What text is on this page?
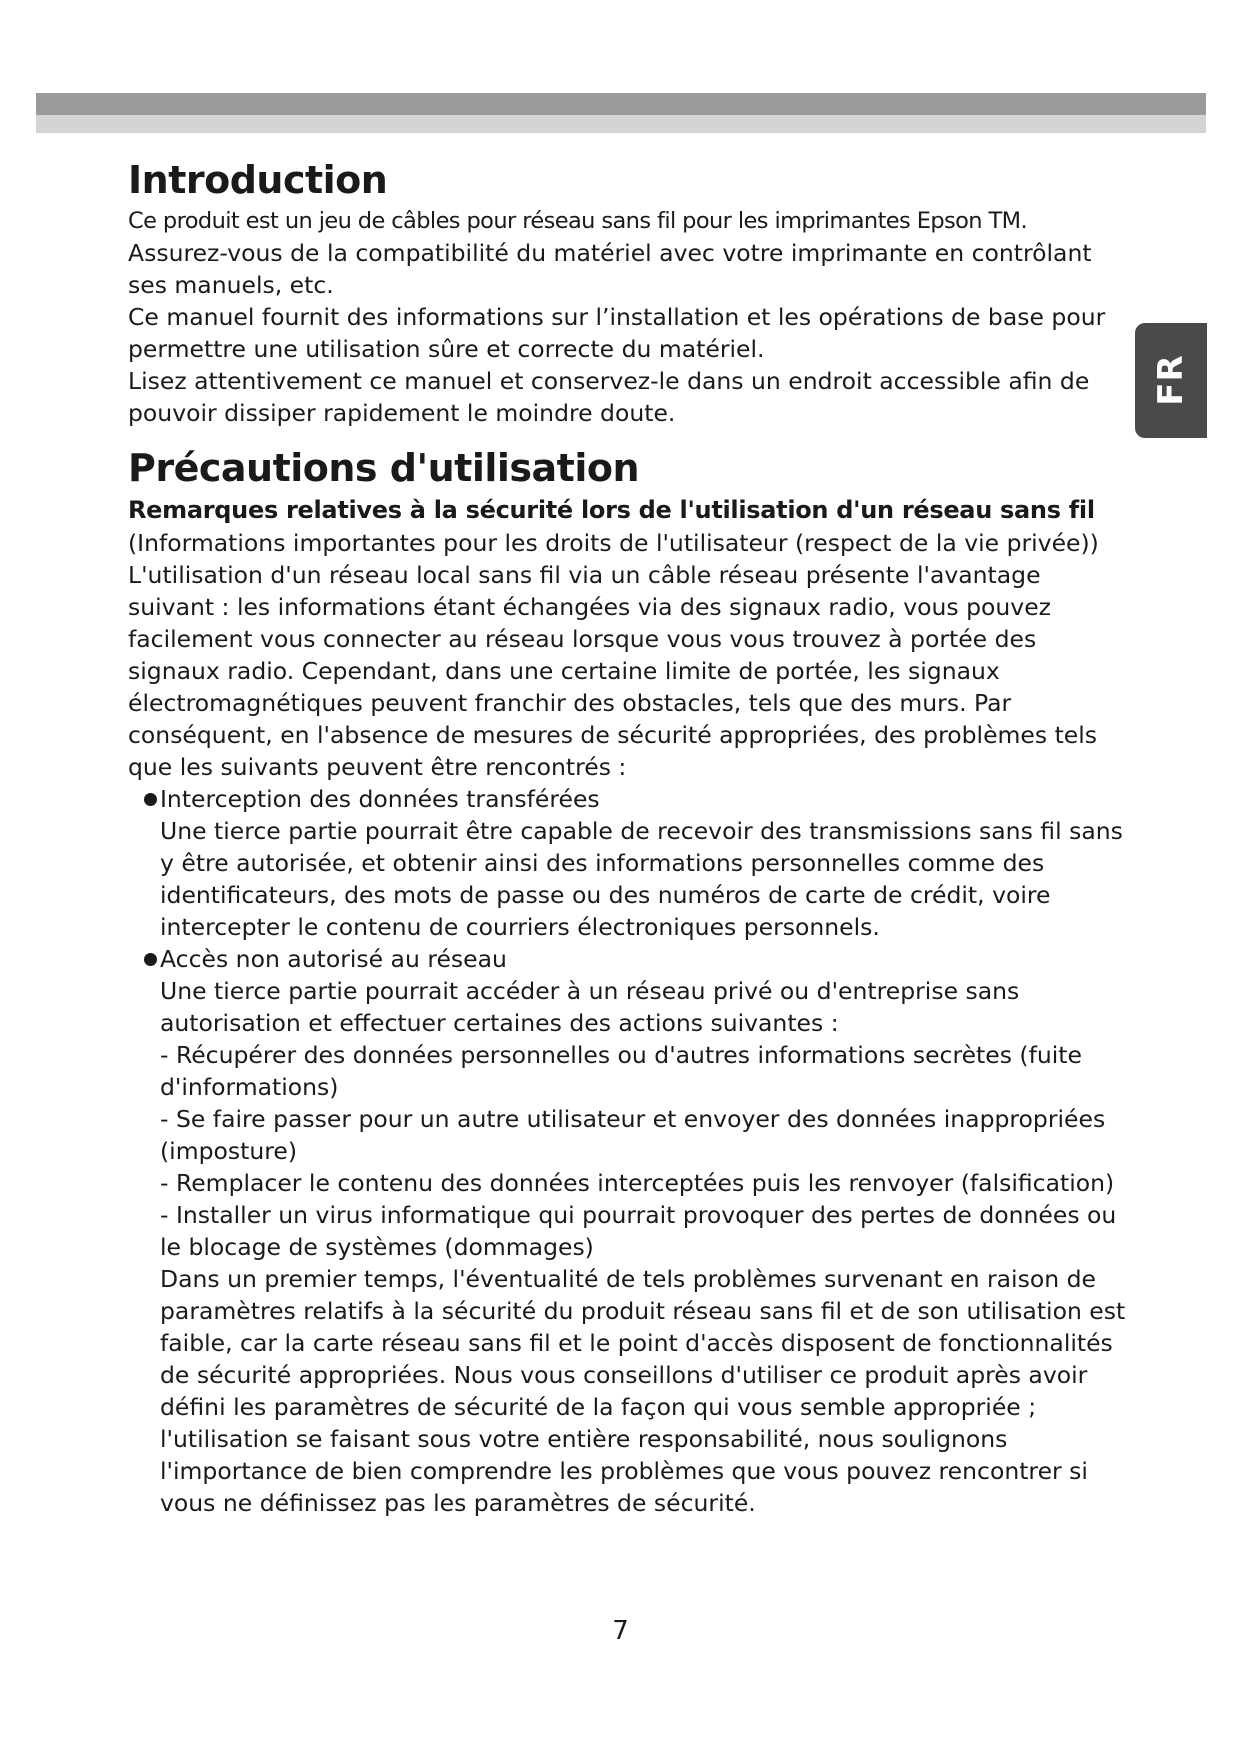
FR
Introduction

Ce produit est un jeu de câbles pour réseau sans fil pour les imprimantes Epson TM.

Assurez-vous de la compatibilité du matériel avec votre imprimante en contrôlant ses manuels, etc.

Ce manuel fournit des informations sur l’installation et les opérations de base pour permettre une utilisation sûre et correcte du matériel.

Lisez attentivement ce manuel et conservez-le dans un endroit accessible afin de pouvoir dissiper rapidement le moindre doute.

Précautions d'utilisation

Remarques relatives à la sécurité lors de l'utilisation d'un réseau sans fil

(Informations importantes pour les droits de l'utilisateur (respect de la vie privée))

L'utilisation d'un réseau local sans fil via un câble réseau présente l'avantage suivant : les informations étant échangées via des signaux radio, vous pouvez facilement vous connecter au réseau lorsque vous vous trouvez à portée des signaux radio. Cependant, dans une certaine limite de portée, les signaux électromagnétiques peuvent franchir des obstacles, tels que des murs. Par conséquent, en l'absence de mesures de sécurité appropriées, des problèmes tels que les suivants peuvent être rencontrés :

Interception des données transférées

Une tierce partie pourrait être capable de recevoir des transmissions sans fil sans y être autorisée, et obtenir ainsi des informations personnelles comme des identificateurs, des mots de passe ou des numéros de carte de crédit, voire intercepter le contenu de courriers électroniques personnels.

Accès non autorisé au réseau

Une tierce partie pourrait accéder à un réseau privé ou d'entreprise sans autorisation et effectuer certaines des actions suivantes :

- Récupérer des données personnelles ou d'autres informations secrètes (fuite d'informations)

- Se faire passer pour un autre utilisateur et envoyer des données inappropriées (imposture)

- Remplacer le contenu des données interceptées puis les renvoyer (falsification)

- Installer un virus informatique qui pourrait provoquer des pertes de données ou le blocage de systèmes (dommages)

Dans un premier temps, l'éventualité de tels problèmes survenant en raison de paramètres relatifs à la sécurité du produit réseau sans fil et de son utilisation est faible, car la carte réseau sans fil et le point d'accès disposent de fonctionnalités de sécurité appropriées. Nous vous conseillons d'utiliser ce produit après avoir défini les paramètres de sécurité de la façon qui vous semble appropriée ; l'utilisation se faisant sous votre entière responsabilité, nous soulignons l'importance de bien comprendre les problèmes que vous pouvez rencontrer si vous ne définissez pas les paramètres de sécurité.

7
